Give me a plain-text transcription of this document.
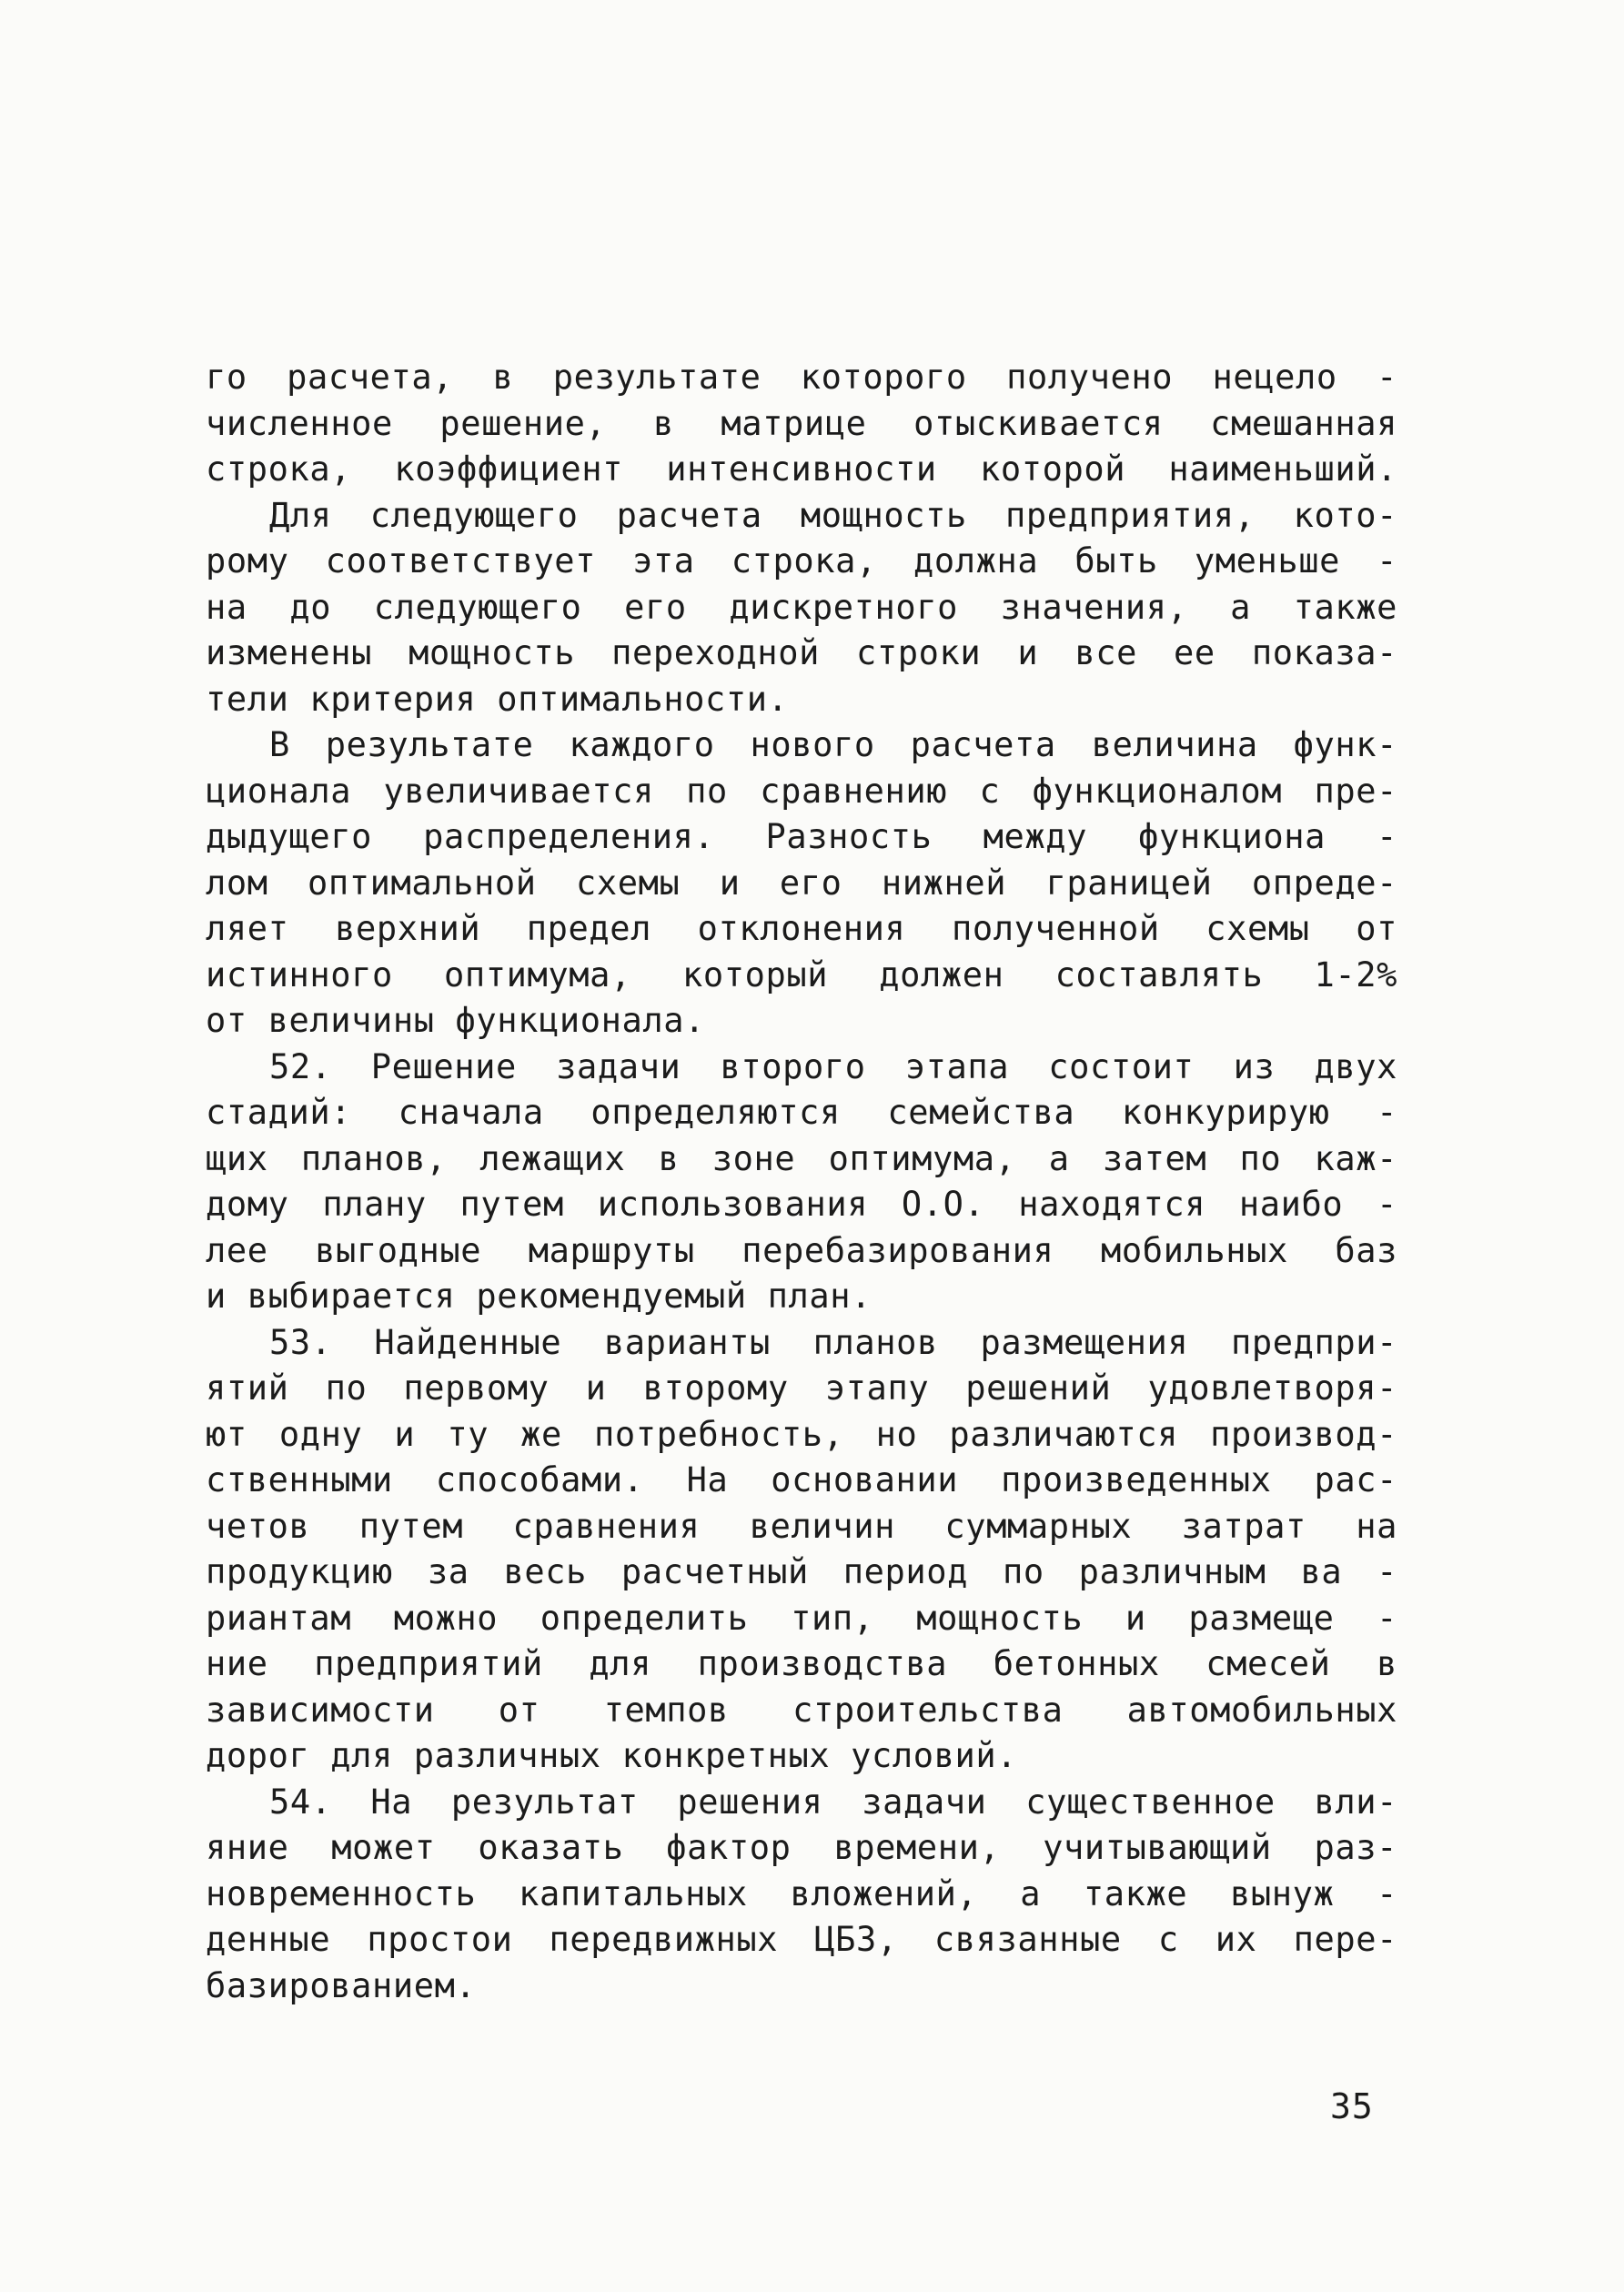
го расчета, в результате которого получено нецело -
численное решение, в матрице отыскивается смешанная
строка, коэффициент интенсивности которой наименьший.
Для следующего расчета мощность предприятия, кото-
рому соответствует эта строка, должна быть уменьше -
на до следующего его дискретного значения, а также
изменены мощность переходной строки и все ее показа-
тели критерия оптимальности.
В результате каждого нового расчета величина функ-
ционала увеличивается по сравнению с функционалом пре-
дыдущего распределения. Разность между функциона -
лом оптимальной схемы и его нижней границей опреде-
ляет верхний предел отклонения полученной схемы от
истинного оптимума, который должен составлять 1-2%
от величины функционала.
52. Решение задачи второго этапа состоит из двух
стадий: сначала определяются семейства конкурирую -
щих планов, лежащих в зоне оптимума, а затем по каж-
дому плану путем использования О.О. находятся наибо -
лее выгодные маршруты перебазирования мобильных баз
и выбирается рекомендуемый план.
53. Найденные варианты планов размещения предпри-
ятий по первому и второму этапу решений удовлетворя-
ют одну и ту же потребность, но различаются производ-
ственными способами. На основании произведенных рас-
четов путем сравнения величин суммарных затрат на
продукцию за весь расчетный период по различным ва -
риантам можно определить тип, мощность и размеще -
ние предприятий для производства бетонных смесей в
зависимости от темпов строительства автомобильных
дорог для различных конкретных условий.
54. На результат решения задачи существенное вли-
яние может оказать фактор времени, учитывающий раз-
новременность капитальных вложений, а также вынуж -
денные простои передвижных ЦБЗ, связанные с их пере-
базированием.
35
